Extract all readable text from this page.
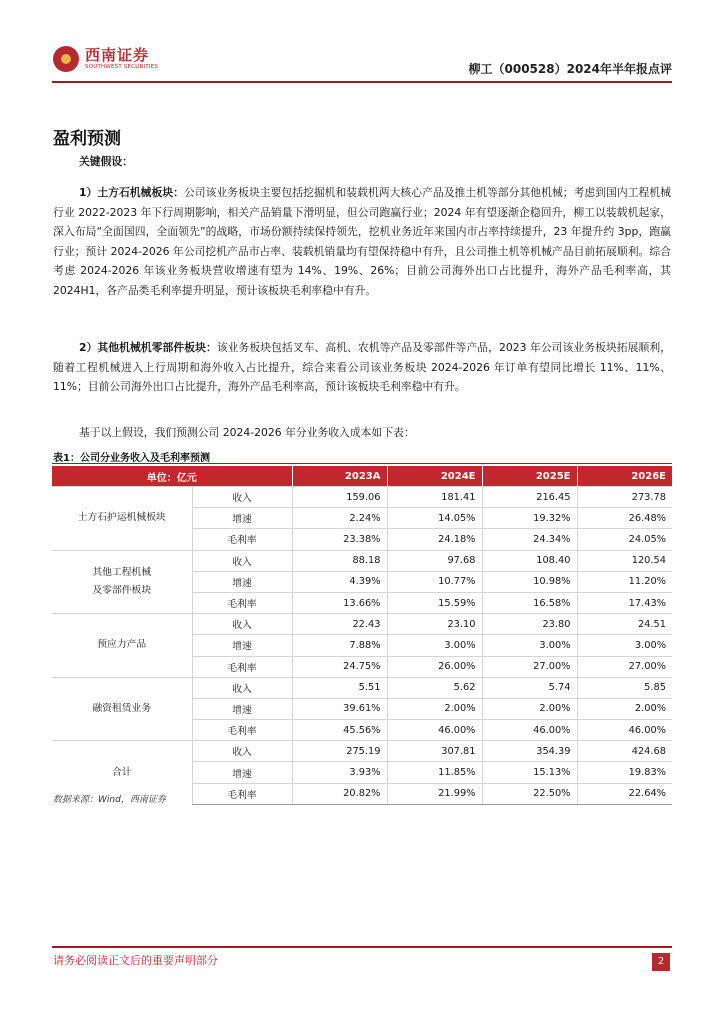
西南证券
SOUTHWEST SECURITIES	柳工（000528）2024年半年报点评
盈利预测

关键假设：

1）土方石机械板块：公司该业务板块主要包括挖掘机和装载机两大核心产品及推土机等部分其他机械；考虑到国内工程机械行业 2022-2023 年下行周期影响，相关产品销量下滑明显，但公司跑赢行业；2024 年有望逐渐企稳回升，柳工以装载机起家，深入布局“全面国四，全面领先”的战略，市场份额持续保持领先，挖机业务近年来国内市占率持续提升，23 年提升约 3pp，跑赢行业；预计 2024-2026 年公司挖机产品市占率、装载机销量均有望保持稳中有升，且公司推土机等机械产品目前拓展顺利。综合考虑 2024-2026 年该业务板块营收增速有望为 14%、19%、26%；目前公司海外出口占比提升，海外产品毛利率高，其2024H1，各产品类毛利率提升明显，预计该板块毛利率稳中有升。

2）其他机械机零部件板块：该业务板块包括叉车、高机、农机等产品及零部件等产品，2023 年公司该业务板块拓展顺利，随着工程机械进入上行周期和海外收入占比提升，综合来看公司该业务板块 2024-2026 年订单有望同比增长 11%、11%、11%；目前公司海外出口占比提升，海外产品毛利率高，预计该板块毛利率稳中有升。

基于以上假设，我们预测公司 2024-2026 年分业务收入成本如下表：

表1：公司分业务收入及毛利率预测
单位：亿元		2023A	2024E	2025E	2026E
土方石护运机械板块	收入	159.06	181.41	216.45	273.78
	增速	2.24%	14.05%	19.32%	26.48%
	毛利率	23.38%	24.18%	24.34%	24.05%
其他工程机械
及零部件板块	收入	88.18	97.68	108.40	120.54
	增速	4.39%	10.77%	10.98%	11.20%
	毛利率	13.66%	15.59%	16.58%	17.43%
预应力产品	收入	22.43	23.10	23.80	24.51
	增速	7.88%	3.00%	3.00%	3.00%
	毛利率	24.75%	26.00%	27.00%	27.00%
融资租赁业务	收入	5.51	5.62	5.74	5.85
	增速	39.61%	2.00%	2.00%	2.00%
	毛利率	45.56%	46.00%	46.00%	46.00%
合计	收入	275.19	307.81	354.39	424.68
	增速	3.93%	11.85%	15.13%	19.83%
	毛利率	20.82%	21.99%	22.50%	22.64%
数据来源：Wind，西南证券
请务必阅读正文后的重要声明部分	2
